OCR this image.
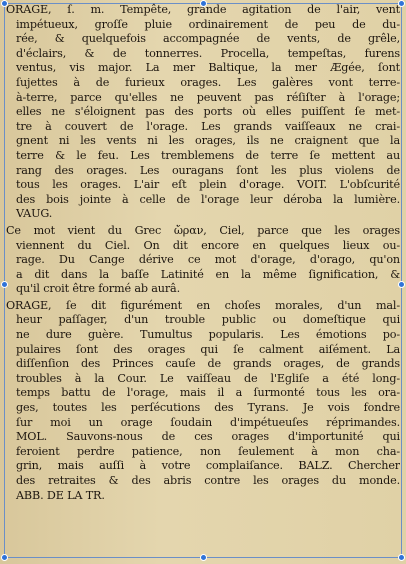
ORAGE, ſ. m. Tempête, grande agitation de l'air, vent
impétueux, groſſe pluie ordinairement de peu de du-
rée, & quelquefois accompagnée de vents, de grêle,
d'éclairs, & de tonnerres. Procella, tempeſtas, furens
ventus, vis major. La mer Baltique, la mer Ægée, ſont
ſujettes à de furieux orages. Les galères vont terre-
à-terre, parce qu'elles ne peuvent pas réſiſter à l'orage;
elles ne s'éloignent pas des ports où elles puiſſent ſe met-
tre à couvert de l'orage. Les grands vaiſſeaux ne crai-
gnent ni les vents ni les orages, ils ne craignent que la
terre & le feu. Les tremblemens de terre ſe mettent au
rang des orages. Les ouragans ſont les plus violens de
tous les orages. L'air eſt plein d'orage. VOIT. L'obſcurité
des bois jointe à celle de l'orage leur déroba la lumière.
VAUG.
Ce mot vient du Grec ὤραν, Ciel, parce que les orages
viennent du Ciel. On dit encore en quelques lieux ou-
rage. Du Cange dérive ce mot d'orage, d'orago, qu'on
a dit dans la baſſe Latinité en la même ſignification, &
qu'il croit être formé ab aurâ.
ORAGE, ſe dit figurément en choſes morales, d'un mal-
heur paſſager, d'un trouble public ou domeſtique qui
ne dure guère. Tumultus popularis. Les émotions po-
pulaires ſont des orages qui ſe calment aiſément. La
diſſenſion des Princes cauſe de grands orages, de grands
troubles à la Cour. Le vaiſſeau de l'Egliſe a été long-
temps battu de l'orage, mais il a ſurmonté tous les ora-
ges, toutes les perſécutions des Tyrans. Je vois fondre
ſur moi un orage ſoudain d'impétueuſes réprimandes.
MOL. Sauvons-nous de ces orages d'importunité qui
feroient perdre patience, non ſeulement à mon cha-
grin, mais auſſi à votre complaiſance. BALZ. Chercher
des retraites & des abris contre les orages du monde.
ABB. DE LA TR.
